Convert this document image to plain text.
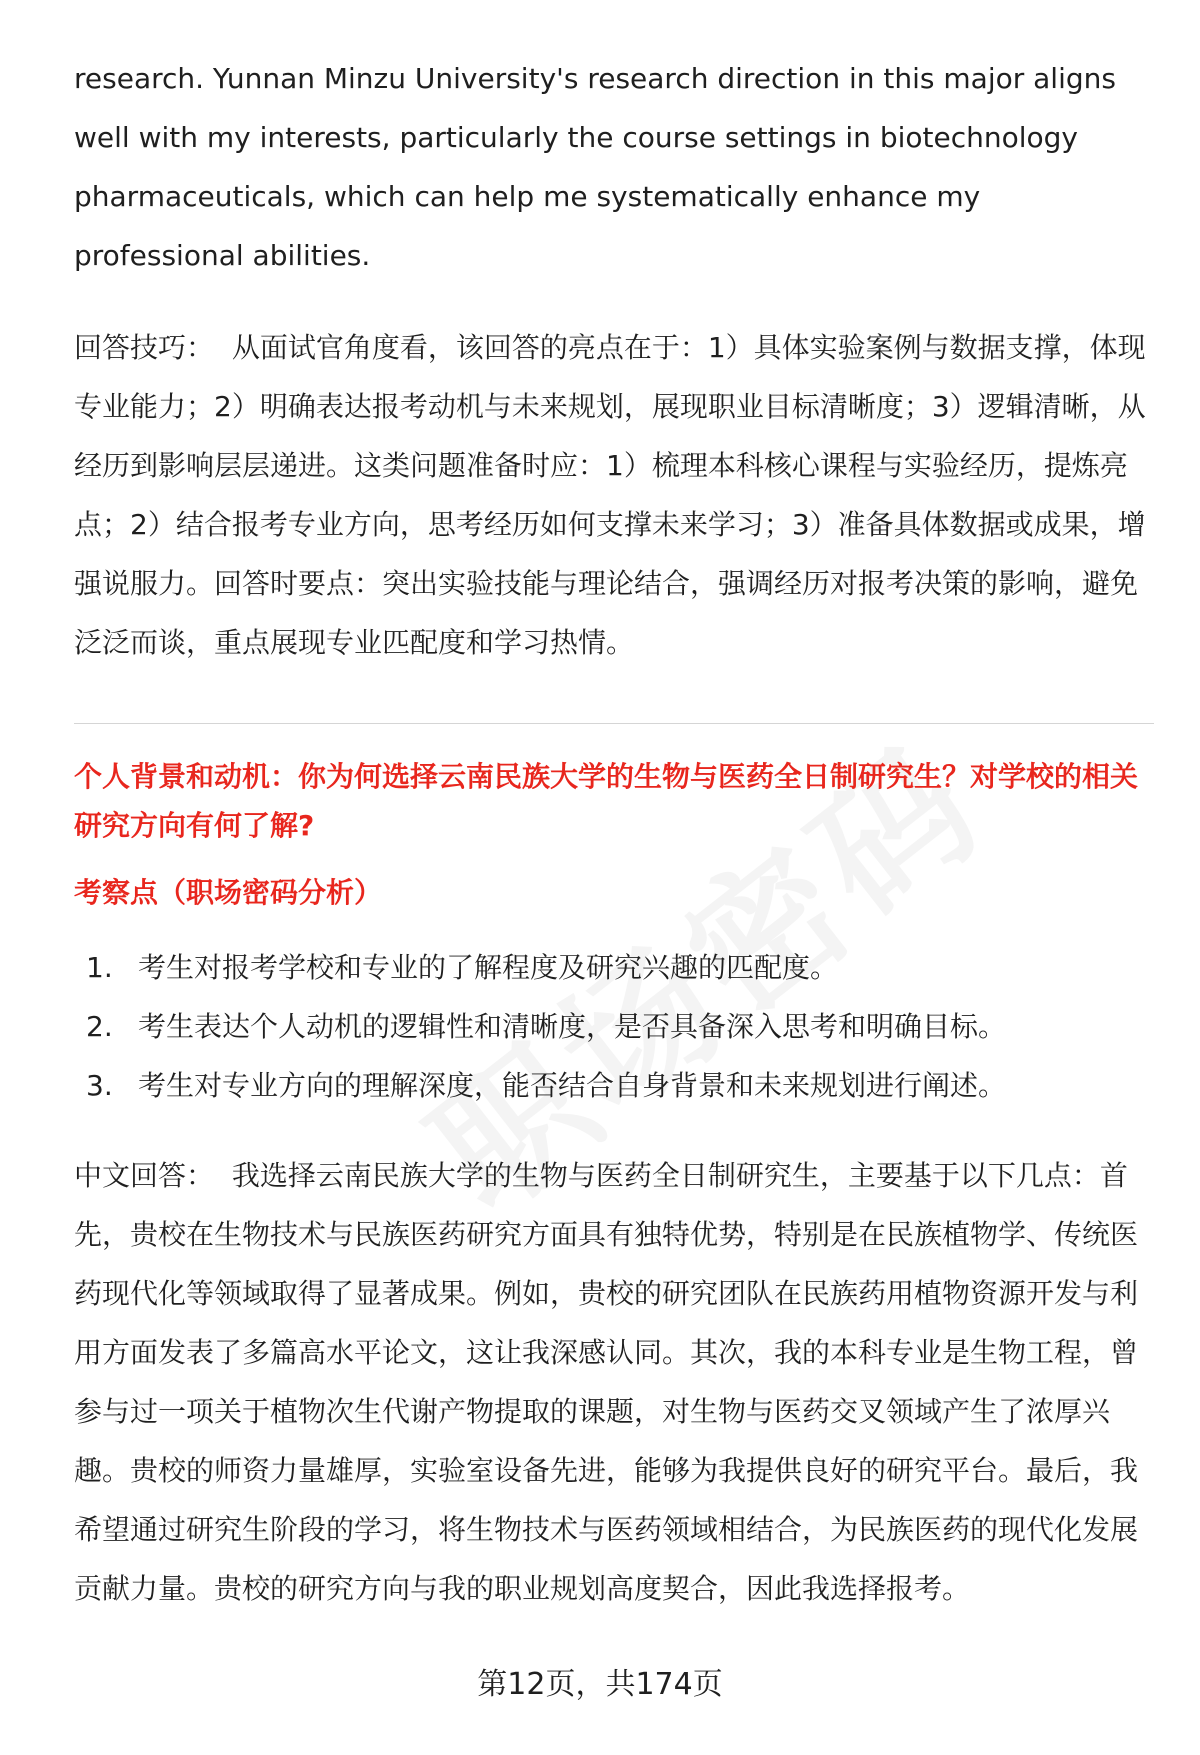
research. Yunnan Minzu University's research direction in this major aligns well with my interests, particularly the course settings in biotechnology pharmaceuticals, which can help me systematically enhance my professional abilities.

回答技巧： 从面试官角度看，该回答的亮点在于：1）具体实验案例与数据支撑，体现专业能力；2）明确表达报考动机与未来规划，展现职业目标清晰度；3）逻辑清晰，从经历到影响层层递进。这类问题准备时应：1）梳理本科核心课程与实验经历，提炼亮点；2）结合报考专业方向，思考经历如何支撑未来学习；3）准备具体数据或成果，增强说服力。回答时要点：突出实验技能与理论结合，强调经历对报考决策的影响，避免泛泛而谈，重点展现专业匹配度和学习热情。

个人背景和动机：你为何选择云南民族大学的生物与医药全日制研究生？对学校的相关研究方向有何了解?

考察点（职场密码分析）

1. 考生对报考学校和专业的了解程度及研究兴趣的匹配度。
2. 考生表达个人动机的逻辑性和清晰度，是否具备深入思考和明确目标。
3. 考生对专业方向的理解深度，能否结合自身背景和未来规划进行阐述。

中文回答： 我选择云南民族大学的生物与医药全日制研究生，主要基于以下几点：首先，贵校在生物技术与民族医药研究方面具有独特优势，特别是在民族植物学、传统医药现代化等领域取得了显著成果。例如，贵校的研究团队在民族药用植物资源开发与利用方面发表了多篇高水平论文，这让我深感认同。其次，我的本科专业是生物工程，曾参与过一项关于植物次生代谢产物提取的课题，对生物与医药交叉领域产生了浓厚兴趣。贵校的师资力量雄厚，实验室设备先进，能够为我提供良好的研究平台。最后，我希望通过研究生阶段的学习，将生物技术与医药领域相结合，为民族医药的现代化发展贡献力量。贵校的研究方向与我的职业规划高度契合，因此我选择报考。

第12页，共174页
